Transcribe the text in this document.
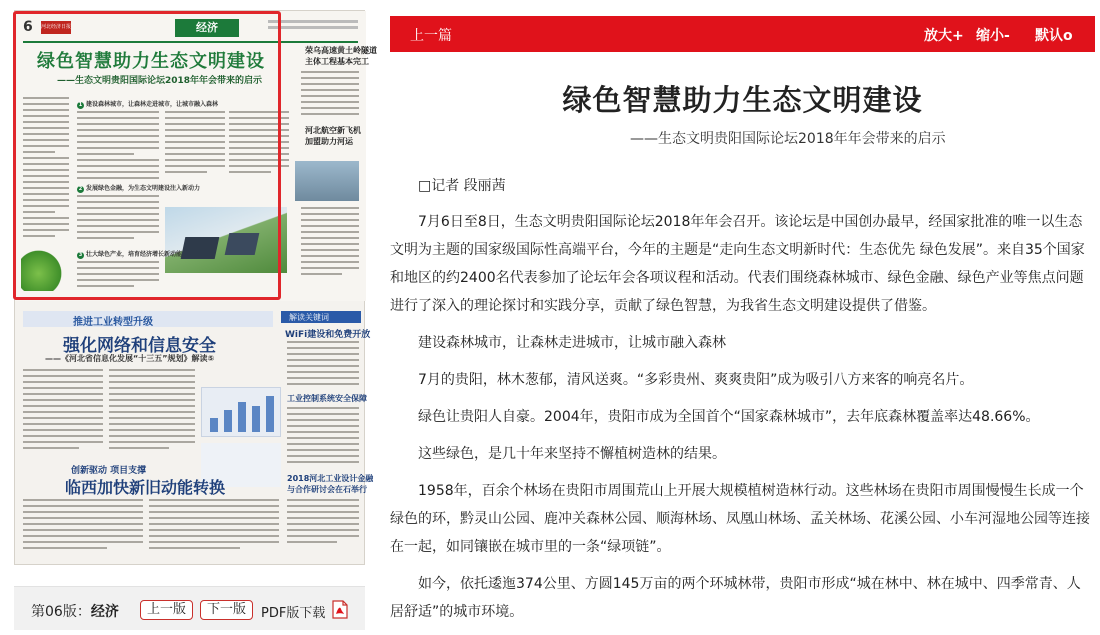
6 河北经济日报	经济
绿色智慧助力生态文明建设
——生态文明贵阳国际论坛2018年年会带来的启示
1 建设森林城市，让森林走进城市，让城市融入森林
2 发展绿色金融，为生态文明建设注入新动力
3 壮大绿色产业，培育经济增长新动能
荣乌高速黄土岭隧道
主体工程基本完工
河北航空新飞机
加盟助力河运
推进工业转型升级
强化网络和信息安全
——《河北省信息化发展“十三五”规划》解读⑤
解读关键词
WiFi建设和免费开放
工业控制系统安全保障
2018河北工业设计金融
与合作研讨会在石举行
创新驱动 项目支撑
临西加快新旧动能转换
第06版：经济	上一版	下一版	PDF版下载
上一篇	放大+ 缩小- 默认o
绿色智慧助力生态文明建设
——生态文明贵阳国际论坛2018年年会带来的启示
□记者 段丽茜

7月6日至8日，生态文明贵阳国际论坛2018年年会召开。该论坛是中国创办最早，经国家批准的唯一以生态文明为主题的国家级国际性高端平台，今年的主题是“走向生态文明新时代：生态优先 绿色发展”。来自35个国家和地区的约2400名代表参加了论坛年会各项议程和活动。代表们围绕森林城市、绿色金融、绿色产业等焦点问题进行了深入的理论探讨和实践分享，贡献了绿色智慧，为我省生态文明建设提供了借鉴。

建设森林城市，让森林走进城市，让城市融入森林

7月的贵阳，林木葱郁，清风送爽。“多彩贵州、爽爽贵阳”成为吸引八方来客的响亮名片。

绿色让贵阳人自豪。2004年，贵阳市成为全国首个“国家森林城市”，去年底森林覆盖率达48.66%。

这些绿色，是几十年来坚持不懈植树造林的结果。

1958年，百余个林场在贵阳市周围荒山上开展大规模植树造林行动。这些林场在贵阳市周围慢慢生长成一个绿色的环，黔灵山公园、鹿冲关森林公园、顺海林场、凤凰山林场、孟关林场、花溪公园、小车河湿地公园等连接在一起，如同镶嵌在城市里的一条“绿项链”。

如今，依托逶迤374公里、方圆145万亩的两个环城林带，贵阳市形成“城在林中、林在城中、四季常青、人居舒适”的城市环境。
